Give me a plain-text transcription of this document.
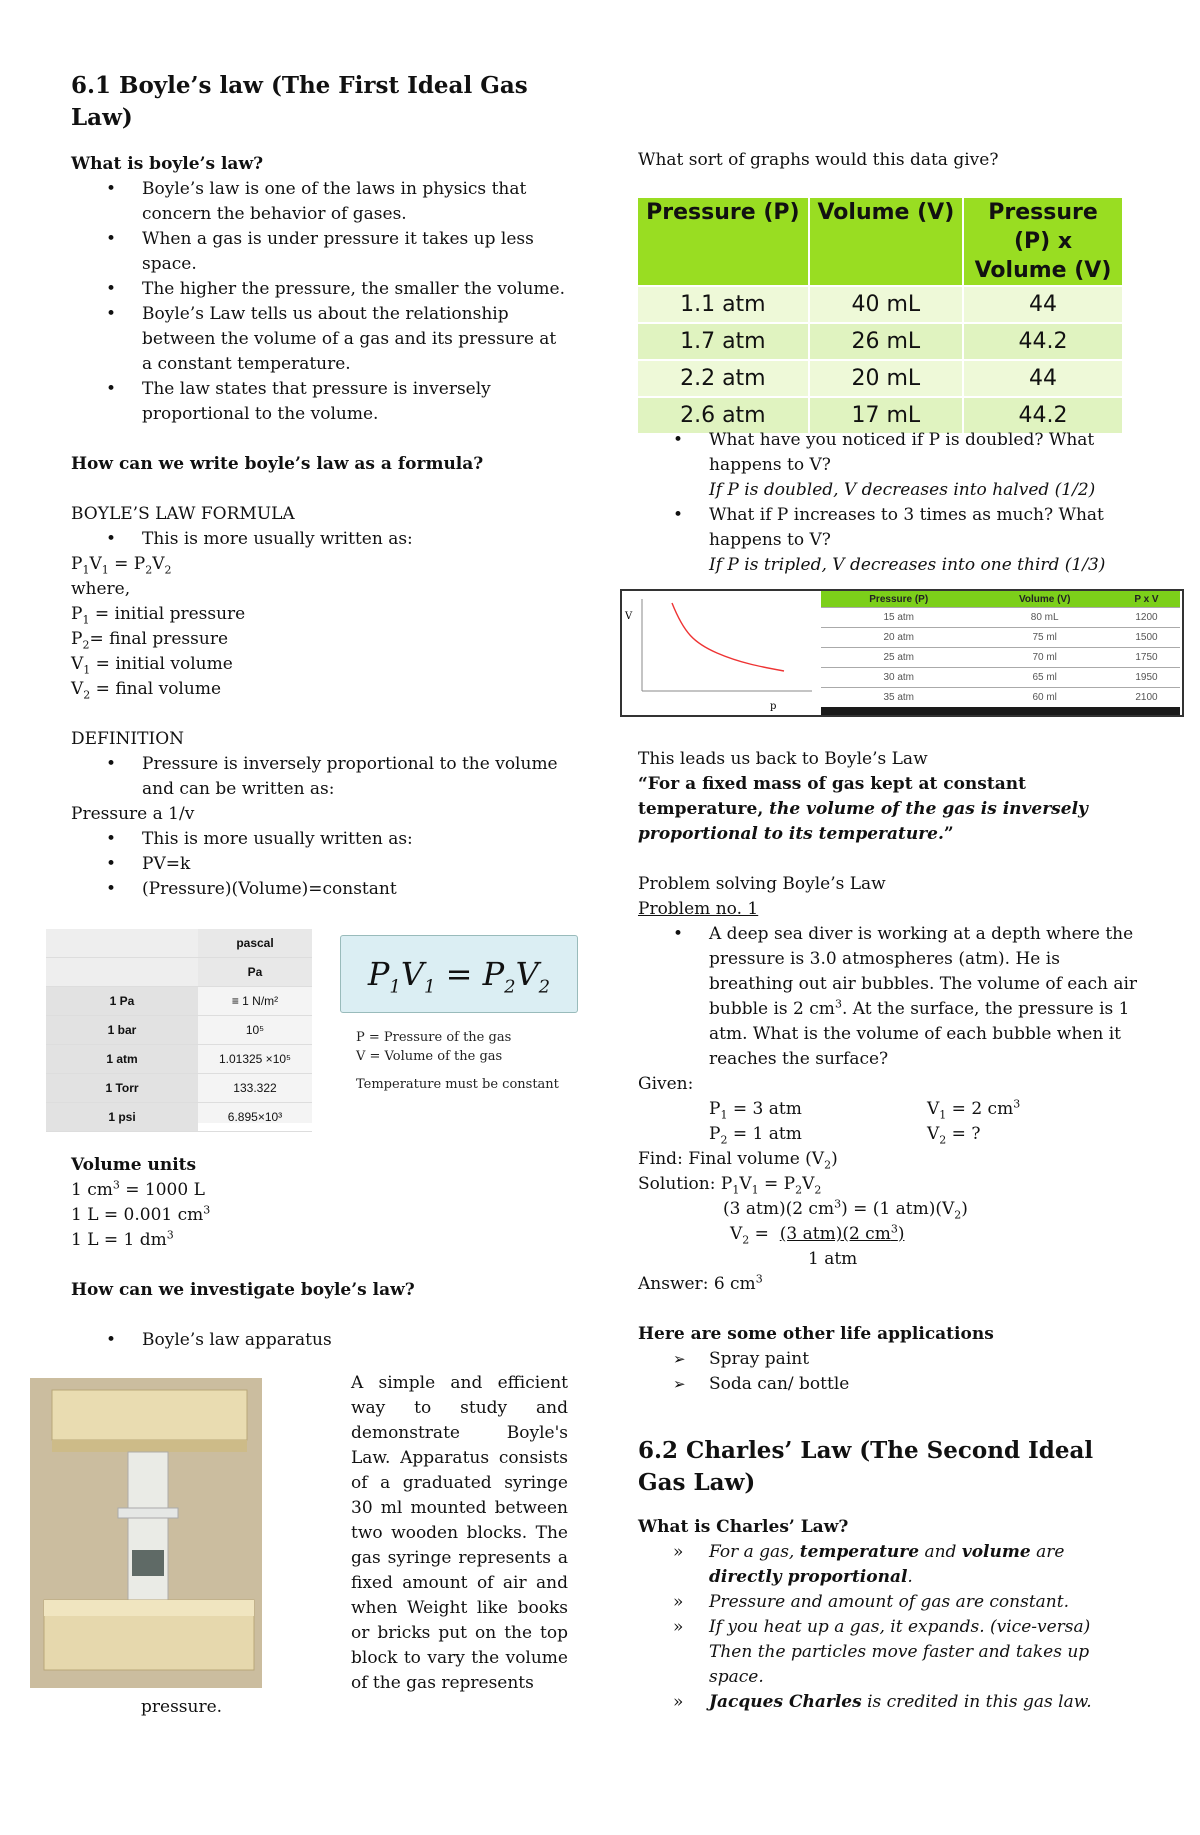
6.1 Boyle’s law (The First Ideal Gas Law)

What is boyle’s law?

• Boyle’s law is one of the laws in physics that concern the behavior of gases.
• When a gas is under pressure it takes up less space.
• The higher the pressure, the smaller the volume.
• Boyle’s Law tells us about the relationship between the volume of a gas and its pressure at a constant temperature.
• The law states that pressure is inversely proportional to the volume.

How can we write boyle’s law as a formula?

BOYLE’S LAW FORMULA

• This is more usually written as:

$P_1V_1 = P_2V_2$

where,

$P_1$ = initial pressure

$P_2=$ final pressure

$V_1$ = initial volume

$V_2$ = final volume

DEFINITION

• Pressure is inversely proportional to the volume and can be written as:

Pressure a 1/v

• This is more usually written as:
• PV=k
• (Pressure)(Volume)=constant

	pascal
	Pa
1 Pa	≡ 1 N/m²
1 bar	10⁵
1 atm	1.01325 ×10⁵
1 Torr	133.322
1 psi	6.895×10³
$P_1V_1 = P_2V_2$
P = Pressure of the gas
V = Volume of the gas
Temperature must be constant

Volume units

1 $cm^3 = 1000$ L

1 L = 0.001 $cm^3$

1 L = 1 $dm^3$

How can we investigate boyle’s law?

• Boyle’s law apparatus
A simple and efficient way to study and demonstrate Boyle's Law. Apparatus consists of a graduated syringe 30 ml mounted between two wooden blocks. The gas syringe represents a fixed amount of air and when Weight like books or bricks put on the top block to vary the volume of the gas represents
pressure.

What sort of graphs would this data give?

Pressure (P)	Volume (V)	Pressure (P) x Volume (V)
1.1 atm	40 mL	44
1.7 atm	26 mL	44.2
2.2 atm	20 mL	44
2.6 atm	17 mL	44.2
• What have you noticed if P is doubled? What happens to V?
If P is doubled, V decreases into halved (1/2)
• What if P increases to 3 times as much? What happens to V?
If P is tripled, V decreases into one third (1/3)
V
p
Pressure (P)	Volume (V)	P x V
15 atm	80 mL	1200
20 atm	75 ml	1500
25 atm	70 ml	1750
30 atm	65 ml	1950
35 atm	60 ml	2100

This leads us back to Boyle’s Law

“For a fixed mass of gas kept at constant temperature, the volume of the gas is inversely proportional to its temperature.”

Problem solving Boyle’s Law

Problem no. 1

• A deep sea diver is working at a depth where the pressure is 3.0 atmospheres (atm). He is breathing out air bubbles. The volume of each air bubble is 2 $cm^3$. At the surface, the pressure is 1 atm. What is the volume of each bubble when it reaches the surface?

Given:

$P_1 = 3$ atm	$V_1 = 2$ $cm^3$

$P_2 = 1$ atm	$V_2$ = ?

Find: Final volume $(V_2)$

Solution: $P_1V_1 = P_2V_2$

(3 atm)(2 $cm^3) = (1$ $atm)(V_2)$

$V_2 = (3$ atm)(2 $cm^3$)

1 atm

Answer: 6 $cm^3$

Here are some other life applications

➢ Spray paint
➢ Soda can/ bottle
6.2 Charles’ Law (The Second Ideal Gas Law)

What is Charles’ Law?

» For a gas, temperature and volume are directly proportional.
» Pressure and amount of gas are constant.
» If you heat up a gas, it expands. (vice-versa) Then the particles move faster and takes up space.
» Jacques Charles is credited in this gas law.
